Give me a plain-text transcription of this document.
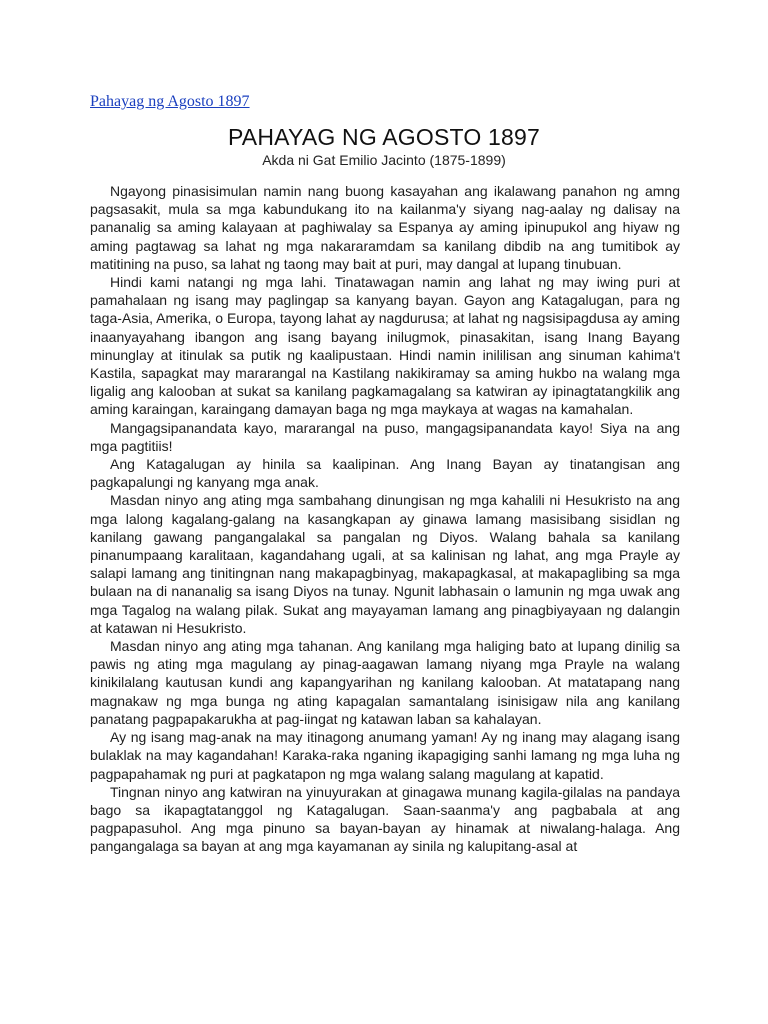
Pahayag ng Agosto 1897
PAHAYAG NG AGOSTO 1897

Akda ni Gat Emilio Jacinto (1875-1899)

Ngayong pinasisimulan namin nang buong kasayahan ang ikalawang panahon ng amng pagsasakit, mula sa mga kabundukang ito na kailanma'y siyang nag-aalay ng dalisay na pananalig sa aming kalayaan at paghiwalay sa Espanya ay aming ipinupukol ang hiyaw ng aming pagtawag sa lahat ng mga nakararamdam sa kanilang dibdib na ang tumitibok ay matitining na puso, sa lahat ng taong may bait at puri, may dangal at lupang tinubuan.

Hindi kami natangi ng mga lahi. Tinatawagan namin ang lahat ng may iwing puri at pamahalaan ng isang may paglingap sa kanyang bayan. Gayon ang Katagalugan, para ng taga-Asia, Amerika, o Europa, tayong lahat ay nagdurusa; at lahat ng nagsisipagdusa ay aming inaanyayahang ibangon ang isang bayang inilugmok, pinasakitan, isang Inang Bayang minunglay at itinulak sa putik ng kaalipustaan. Hindi namin inililisan ang sinuman kahima't Kastila, sapagkat may mararangal na Kastilang nakikiramay sa aming hukbo na walang mga ligalig ang kalooban at sukat sa kanilang pagkamagalang sa katwiran ay ipinagtatangkilik ang aming karaingan, karaingang damayan baga ng mga maykaya at wagas na kamahalan.

Mangagsipanandata kayo, mararangal na puso, mangagsipanandata kayo! Siya na ang mga pagtitiis!

Ang Katagalugan ay hinila sa kaalipinan. Ang Inang Bayan ay tinatangisan ang pagkapalungi ng kanyang mga anak.

Masdan ninyo ang ating mga sambahang dinungisan ng mga kahalili ni Hesukristo na ang mga lalong kagalang-galang na kasangkapan ay ginawa lamang masisibang sisidlan ng kanilang gawang pangangalakal sa pangalan ng Diyos. Walang bahala sa kanilang pinanumpaang karalitaan, kagandahang ugali, at sa kalinisan ng lahat, ang mga Prayle ay salapi lamang ang tinitingnan nang makapagbinyag, makapagkasal, at makapaglibing sa mga bulaan na di nananalig sa isang Diyos na tunay. Ngunit labhasain o lamunin ng mga uwak ang mga Tagalog na walang pilak. Sukat ang mayayaman lamang ang pinagbiyayaan ng dalangin at katawan ni Hesukristo.

Masdan ninyo ang ating mga tahanan. Ang kanilang mga haliging bato at lupang dinilig sa pawis ng ating mga magulang ay pinag-aagawan lamang niyang mga Prayle na walang kinikilalang kautusan kundi ang kapangyarihan ng kanilang kalooban. At matatapang nang magnakaw ng mga bunga ng ating kapagalan samantalang isinisigaw nila ang kanilang panatang pagpapakarukha at pag-iingat ng katawan laban sa kahalayan.

Ay ng isang mag-anak na may itinagong anumang yaman! Ay ng inang may alagang isang bulaklak na may kagandahan! Karaka-raka nganing ikapagiging sanhi lamang ng mga luha ng pagpapahamak ng puri at pagkatapon ng mga walang salang magulang at kapatid.

Tingnan ninyo ang katwiran na yinuyurakan at ginagawa munang kagila-gilalas na pandaya bago sa ikapagtatanggol ng Katagalugan. Saan-saanma'y ang pagbabala at ang pagpapasuhol. Ang mga pinuno sa bayan-bayan ay hinamak at niwalang-halaga. Ang pangangalaga sa bayan at ang mga kayamanan ay sinila ng kalupitang-asal at
